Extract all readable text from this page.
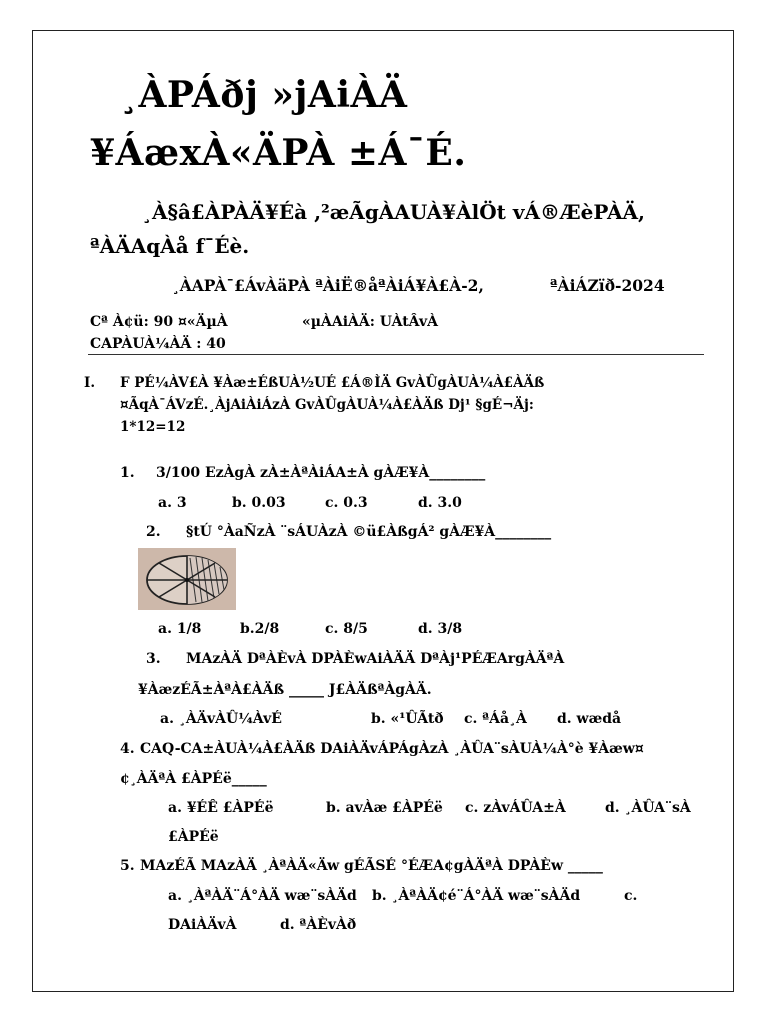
¸ÀPÁðj »jAiÀÄ
¥ÁæxÀ«ÄPÀ ±Á¯É.
¸À§â£ÀPÀÄ¥Éà ,²æÃgÀAUÀ¥ÀlÖt vÁ®ÆèPÀÄ,
ªÀÄAqÀå f¯Éè.
¸ÀAPÀ¯£ÁvÀäPÀ ªÀiË®åªÀiÁ¥À£À-2,	ªÀiÁZïð-2024
Cª À¢ü: 90 ¤«ÄµÀ	«µÀAiÀÄ: UÀtÂvÀ
CAPÀUÀ¼ÀÄ : 40
I. F PÉ¼ÀV£À ¥Àæ±ÉßUÀ½UÉ £Á®ÌÄ GvÀÛgÀUÀ¼À£ÀÄß
¤ÃqÀ¯ÁVzÉ.¸ÀjAiÀiÁzÀ GvÀÛgÀUÀ¼À£ÀÄß Dj¹ §gÉ¬Äj:
1*12=12
1. 3/100 EzÀgÀ zÀ±ÀªÀiÁA±À gÀÆ¥À________
a. 3	b. 0.03	c. 0.3	d. 3.0
2. §tÚ °ÀaÑzÀ ¨sÁUÀzÀ ©ü£ÀßgÁ² gÀÆ¥À________
a. 1/8	b.2/8	c. 8/5	d. 3/8
3. MAzÀÄ DªÀÈvÀ DPÀÈwAiÀÄÄ DªÀj¹PÉÆArgÀÄªÀ
¥ÀæzÉÃ±ÀªÀ£ÀÄß _____ J£ÀÄßªÀgÀÄ.
a. ¸ÀÄvÀÛ¼ÀvÉ	b. «¹ÛÃtð c. ªÁå¸À d. wædå
4. CAQ-CA±ÀUÀ¼À£ÀÄß DAiÀÄvÁPÁgÀzÀ ¸ÀÛA¨sÀUÀ¼À°è ¥Àæw¤
¢¸ÀÄªÀ £ÀPÉë_____
a. ¥ÉÊ £ÀPÉë	b. avÀæ £ÀPÉë c. zÀvÁÛA±À	d. ¸ÀÛA¨sÀ
£ÀPÉë
5. MAzÉÃ MAzÀÄ ¸ÀªÀÄ«Äw gÉÃSÉ °ÉÆA¢gÀÄªÀ DPÀÈw _____
a. ¸ÀªÀÄ¨Á°ÀÄ wæ¨sÀÄd b. ¸ÀªÀÄ¢é¨Á°ÀÄ wæ¨sÀÄd	c.
DAiÀÄvÀ	d. ªÀÈvÀð
